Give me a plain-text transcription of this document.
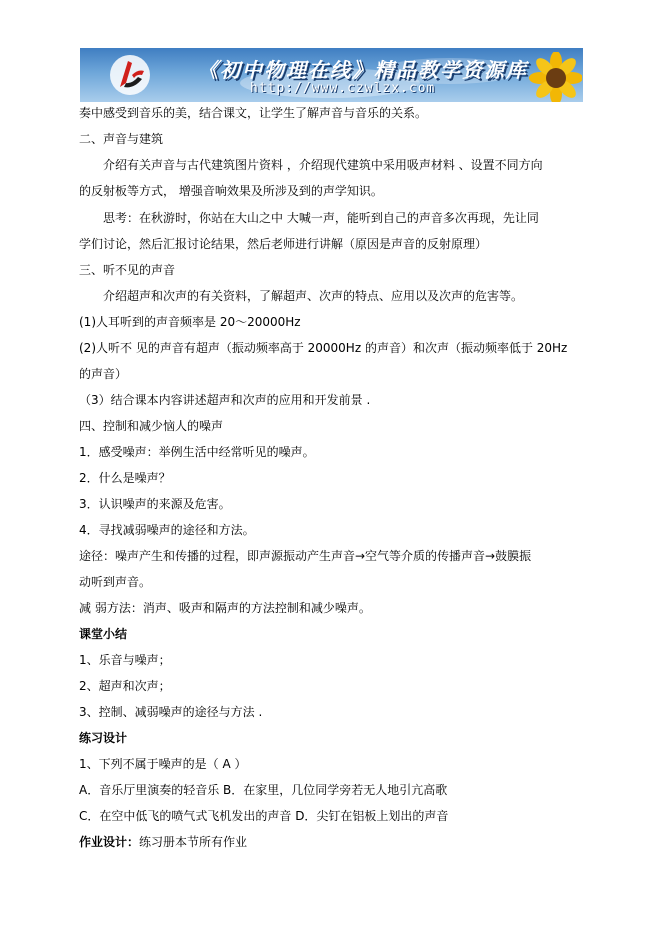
《初中物理在线》精品教学资源库
http://www.czwlzx.com
奏中感受到音乐的美，结合课文，让学生了解声音与音乐的关系。
二、声音与建筑
介绍有关声音与古代建筑图片资料 ，介绍现代建筑中采用吸声材料 、设置不同方向
的反射板等方式， 增强音响效果及所涉及到的声学知识。
思考：在秋游时，你站在大山之中 大喊一声，能听到自己的声音多次再现，先让同
学们讨论，然后汇报讨论结果，然后老师进行讲解（原因是声音的反射原理）
三、听不见的声音
介绍超声和次声的有关资料，了解超声、次声的特点、应用以及次声的危害等。
(1)人耳听到的声音频率是 20～20000Hz
(2)人听不 见的声音有超声（振动频率高于 20000Hz 的声音）和次声（振动频率低于 20Hz
的声音）
（3）结合课本内容讲述超声和次声的应用和开发前景 .
四、控制和减少恼人的噪声
1．感受噪声：举例生活中经常听见的噪声。
2．什么是噪声？
3．认识噪声的来源及危害。
4．寻找减弱噪声的途径和方法。
途径：噪声产生和传播的过程，即声源振动产生声音→空气等介质的传播声音→鼓膜振
动听到声音。
减 弱方法：消声、吸声和隔声的方法控制和减少噪声。
课堂小结
1、乐音与噪声；
2、超声和次声；
3、控制、减弱噪声的途径与方法 .
练习设计
1、下列不属于噪声的是（ A ）
A．音乐厅里演奏的轻音乐 B．在家里，几位同学旁若无人地引亢高歌
C．在空中低飞的喷气式飞机发出的声音 D．尖钉在铝板上划出的声音
作业设计：练习册本节所有作业
